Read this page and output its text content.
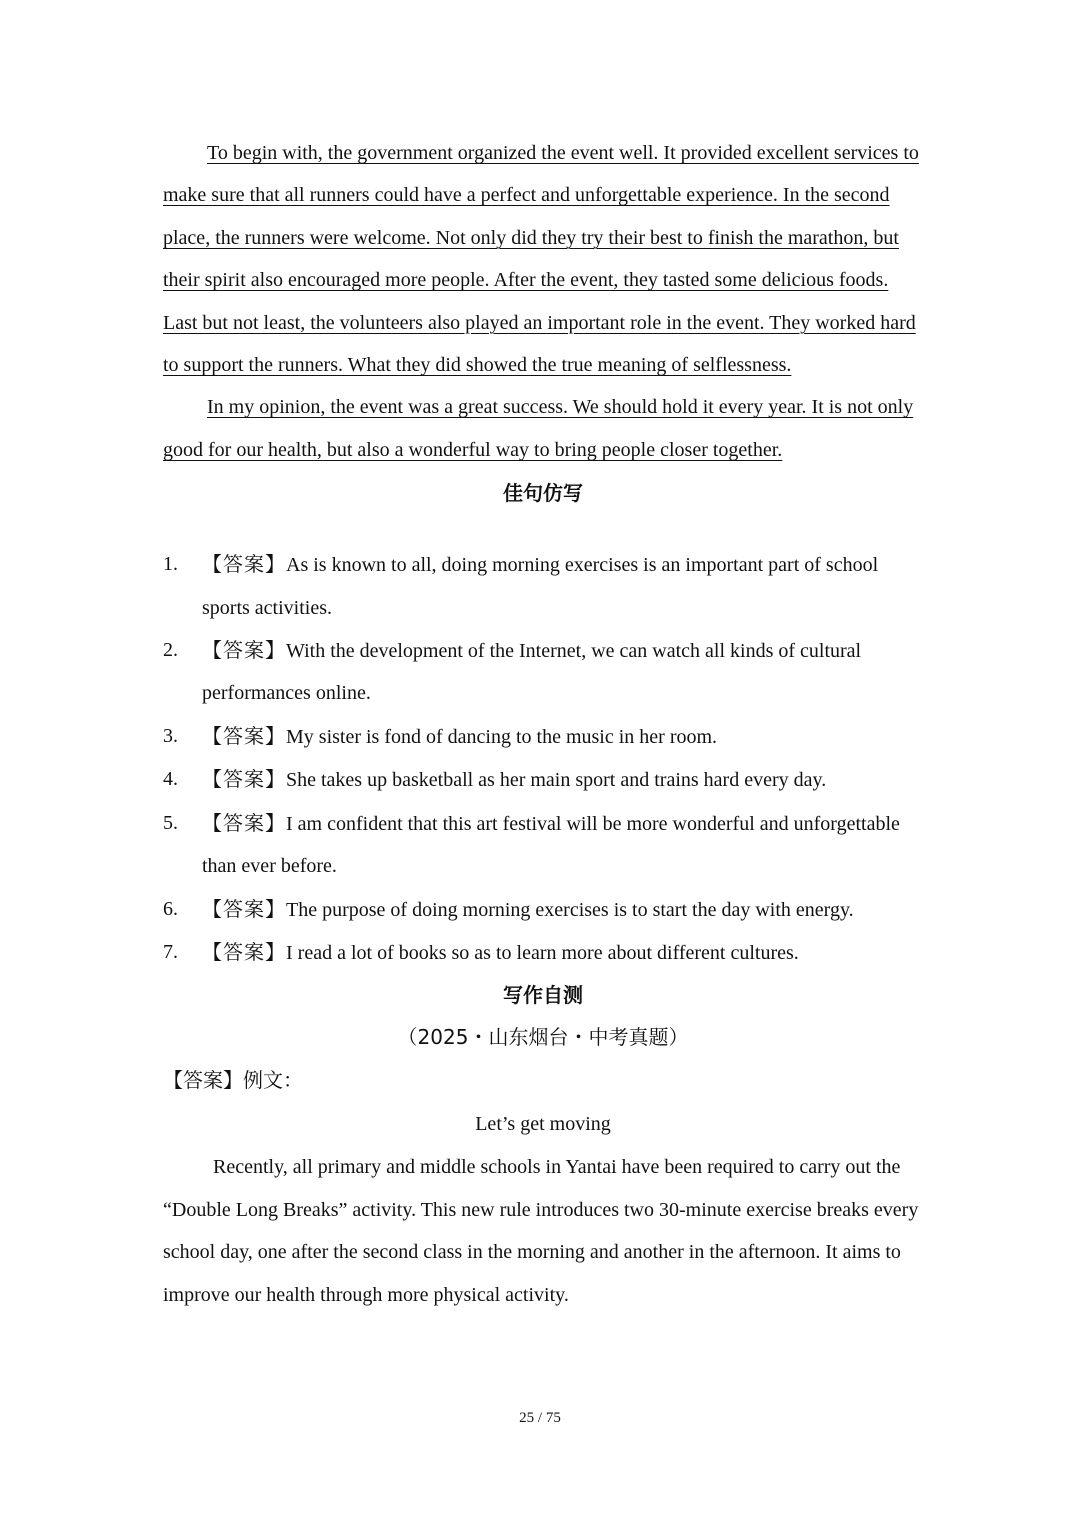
To begin with, the government organized the event well. It provided excellent services to make sure that all runners could have a perfect and unforgettable experience. In the second place, the runners were welcome. Not only did they try their best to finish the marathon, but their spirit also encouraged more people. After the event, they tasted some delicious foods. Last but not least, the volunteers also played an important role in the event. They worked hard to support the runners. What they did showed the true meaning of selflessness.

In my opinion, the event was a great success. We should hold it every year. It is not only good for our health, but also a wonderful way to bring people closer together.

佳句仿写
1. 【答案】As is known to all, doing morning exercises is an important part of school sports activities.
2. 【答案】With the development of the Internet, we can watch all kinds of cultural performances online.
3. 【答案】My sister is fond of dancing to the music in her room.
4. 【答案】She takes up basketball as her main sport and trains hard every day.
5. 【答案】I am confident that this art festival will be more wonderful and unforgettable than ever before.
6. 【答案】The purpose of doing morning exercises is to start the day with energy.
7. 【答案】I read a lot of books so as to learn more about different cultures.
写作自测

（2025・山东烟台・中考真题）

【答案】例文：

Let’s get moving

Recently, all primary and middle schools in Yantai have been required to carry out the “Double Long Breaks” activity. This new rule introduces two 30-minute exercise breaks every school day, one after the second class in the morning and another in the afternoon. It aims to improve our health through more physical activity.

25 / 75
